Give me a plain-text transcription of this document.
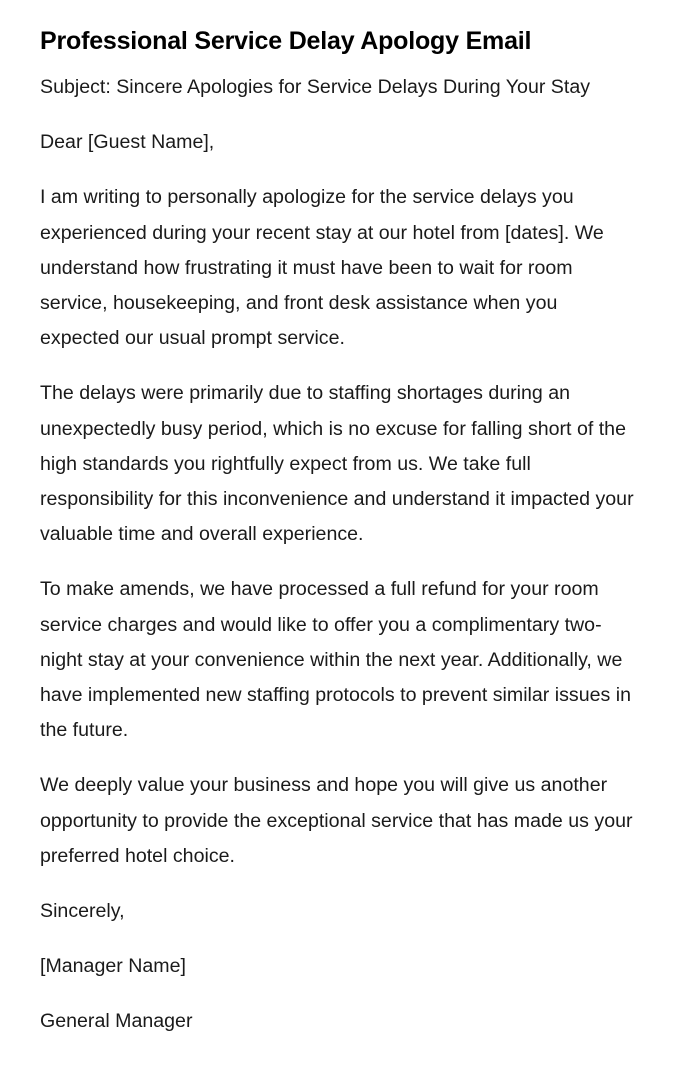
Professional Service Delay Apology Email

Subject: Sincere Apologies for Service Delays During Your Stay

Dear [Guest Name],

I am writing to personally apologize for the service delays you experienced during your recent stay at our hotel from [dates]. We understand how frustrating it must have been to wait for room service, housekeeping, and front desk assistance when you expected our usual prompt service.

The delays were primarily due to staffing shortages during an unexpectedly busy period, which is no excuse for falling short of the high standards you rightfully expect from us. We take full responsibility for this inconvenience and understand it impacted your valuable time and overall experience.

To make amends, we have processed a full refund for your room service charges and would like to offer you a complimentary two-night stay at your convenience within the next year. Additionally, we have implemented new staffing protocols to prevent similar issues in the future.

We deeply value your business and hope you will give us another opportunity to provide the exceptional service that has made us your preferred hotel choice.

Sincerely,

[Manager Name]

General Manager
